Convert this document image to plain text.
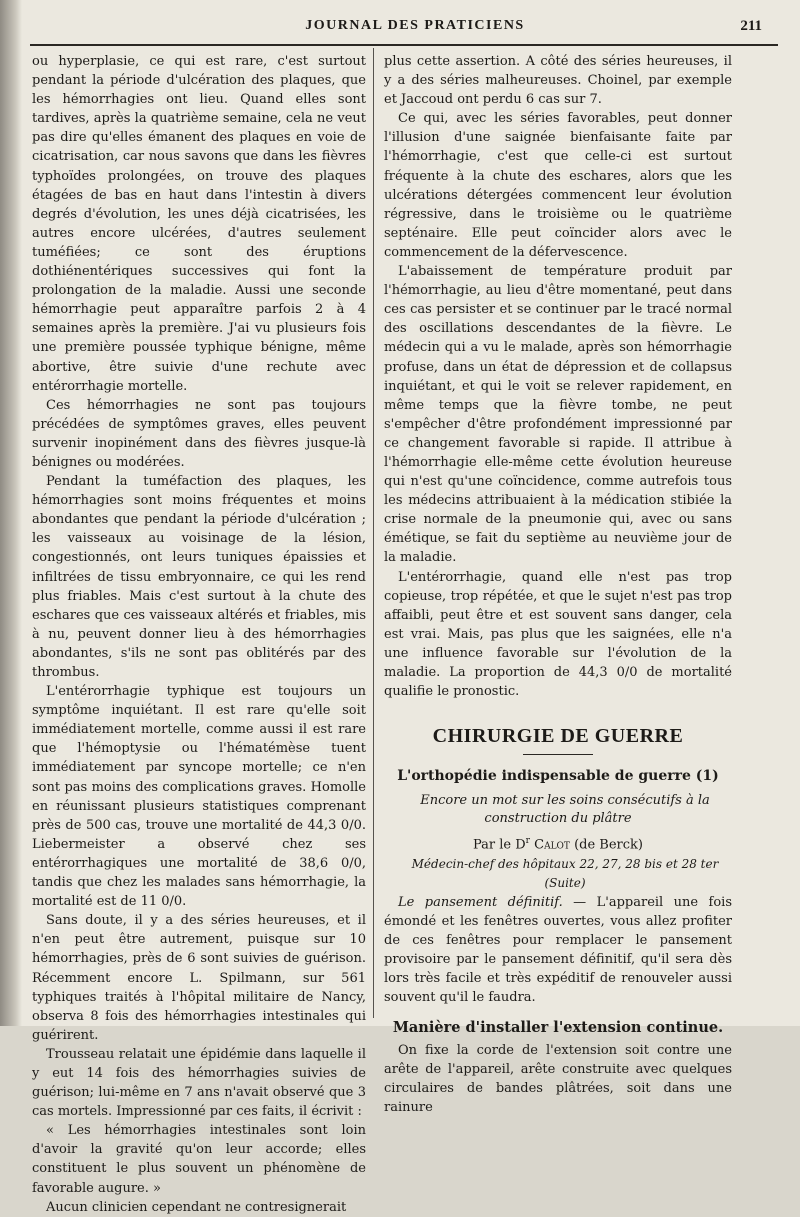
JOURNAL DES PRATICIENS	211

ou hyperplasie, ce qui est rare, c'est surtout pendant la période d'ulcération des plaques, que les hémorrhagies ont lieu. Quand elles sont tardives, après la quatrième semaine, cela ne veut pas dire qu'elles émanent des plaques en voie de cicatrisation, car nous savons que dans les fièvres typhoïdes prolongées, on trouve des plaques étagées de bas en haut dans l'intestin à divers degrés d'évolution, les unes déjà cicatrisées, les autres encore ulcérées, d'autres seulement tuméfiées; ce sont des éruptions dothiénentériques successives qui font la prolongation de la maladie. Aussi une seconde hémorrhagie peut apparaître parfois 2 à 4 semaines après la première. J'ai vu plusieurs fois une première poussée typhique bénigne, même abortive, être suivie d'une rechute avec entérorrhagie mortelle.

Ces hémorrhagies ne sont pas toujours précédées de symptômes graves, elles peuvent survenir inopinément dans des fièvres jusque-là bénignes ou modérées.

Pendant la tuméfaction des plaques, les hémorrhagies sont moins fréquentes et moins abondantes que pendant la période d'ulcération ; les vaisseaux au voisinage de la lésion, congestionnés, ont leurs tuniques épaissies et infiltrées de tissu embryonnaire, ce qui les rend plus friables. Mais c'est surtout à la chute des eschares que ces vaisseaux altérés et friables, mis à nu, peuvent donner lieu à des hémorrhagies abondantes, s'ils ne sont pas oblitérés par des thrombus.

L'entérorrhagie typhique est toujours un symptôme inquiétant. Il est rare qu'elle soit immédiatement mortelle, comme aussi il est rare que l'hémoptysie ou l'hématémèse tuent immédiatement par syncope mortelle; ce n'en sont pas moins des complications graves. Homolle en réunissant plusieurs statistiques comprenant près de 500 cas, trouve une mortalité de 44,3 0/0. Liebermeister a observé chez ses entérorrhagiques une mortalité de 38,6 0/0, tandis que chez les malades sans hémorrhagie, la mortalité est de 11 0/0.

Sans doute, il y a des séries heureuses, et il n'en peut être autrement, puisque sur 10 hémorrhagies, près de 6 sont suivies de guérison. Récemment encore L. Spilmann, sur 561 typhiques traités à l'hôpital militaire de Nancy, observa 8 fois des hémorrhagies intestinales qui guérirent.

Trousseau relatait une épidémie dans laquelle il y eut 14 fois des hémorrhagies suivies de guérison; lui-même en 7 ans n'avait observé que 3 cas mortels. Impressionné par ces faits, il écrivit :

« Les hémorrhagies intestinales sont loin d'avoir la gravité qu'on leur accorde; elles constituent le plus souvent un phénomène de favorable augure. »

Aucun clinicien cependant ne contresignerait

plus cette assertion. A côté des séries heureuses, il y a des séries malheureuses. Choinel, par exemple et Jaccoud ont perdu 6 cas sur 7.

Ce qui, avec les séries favorables, peut donner l'illusion d'une saignée bienfaisante faite par l'hémorrhagie, c'est que celle-ci est surtout fréquente à la chute des eschares, alors que les ulcérations détergées commencent leur évolution régressive, dans le troisième ou le quatrième septénaire. Elle peut coïncider alors avec le commencement de la défervescence.

L'abaissement de température produit par l'hémorrhagie, au lieu d'être momentané, peut dans ces cas persister et se continuer par le tracé normal des oscillations descendantes de la fièvre. Le médecin qui a vu le malade, après son hémorrhagie profuse, dans un état de dépression et de collapsus inquiétant, et qui le voit se relever rapidement, en même temps que la fièvre tombe, ne peut s'empêcher d'être profondément impressionné par ce changement favorable si rapide. Il attribue à l'hémorrhagie elle-même cette évolution heureuse qui n'est qu'une coïncidence, comme autrefois tous les médecins attribuaient à la médication stibiée la crise normale de la pneumonie qui, avec ou sans émétique, se fait du septième au neuvième jour de la maladie.

L'entérorrhagie, quand elle n'est pas trop copieuse, trop répétée, et que le sujet n'est pas trop affaibli, peut être et est souvent sans danger, cela est vrai. Mais, pas plus que les saignées, elle n'a une influence favorable sur l'évolution de la maladie. La proportion de 44,3 0/0 de mortalité qualifie le pronostic.

CHIRURGIE DE GUERRE
L'orthopédie indispensable de guerre (1)

Encore un mot sur les soins consécutifs à la construction du plâtre

Par le $D^r$ Calot (de Berck)

Médecin-chef des hôpitaux 22, 27, 28 bis et 28 ter

(Suite)

Le pansement définitif. — L'appareil une fois émondé et les fenêtres ouvertes, vous allez profiter de ces fenêtres pour remplacer le pansement provisoire par le pansement définitif, qu'il sera dès lors très facile et très expéditif de renouveler aussi souvent qu'il le faudra.

Manière d'installer l'extension continue.

On fixe la corde de l'extension soit contre une arête de l'appareil, arête construite avec quelques circulaires de bandes plâtrées, soit dans une rainure
